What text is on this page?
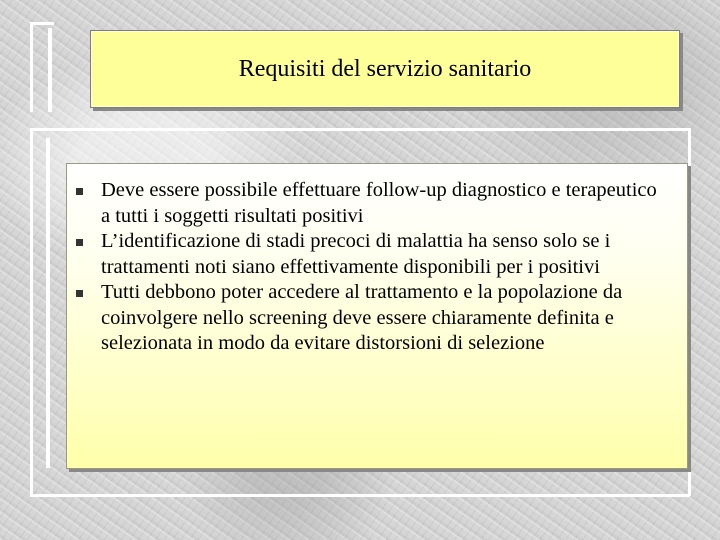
Requisiti del servizio sanitario
Deve essere possibile effettuare follow-up diagnostico e terapeutico a tutti i soggetti risultati positivi
L’identificazione di stadi precoci di malattia ha senso solo se i trattamenti noti siano effettivamente disponibili per i positivi
Tutti debbono poter accedere al trattamento e la popolazione da coinvolgere nello screening deve essere chiaramente definita e selezionata in modo da evitare distorsioni di selezione
